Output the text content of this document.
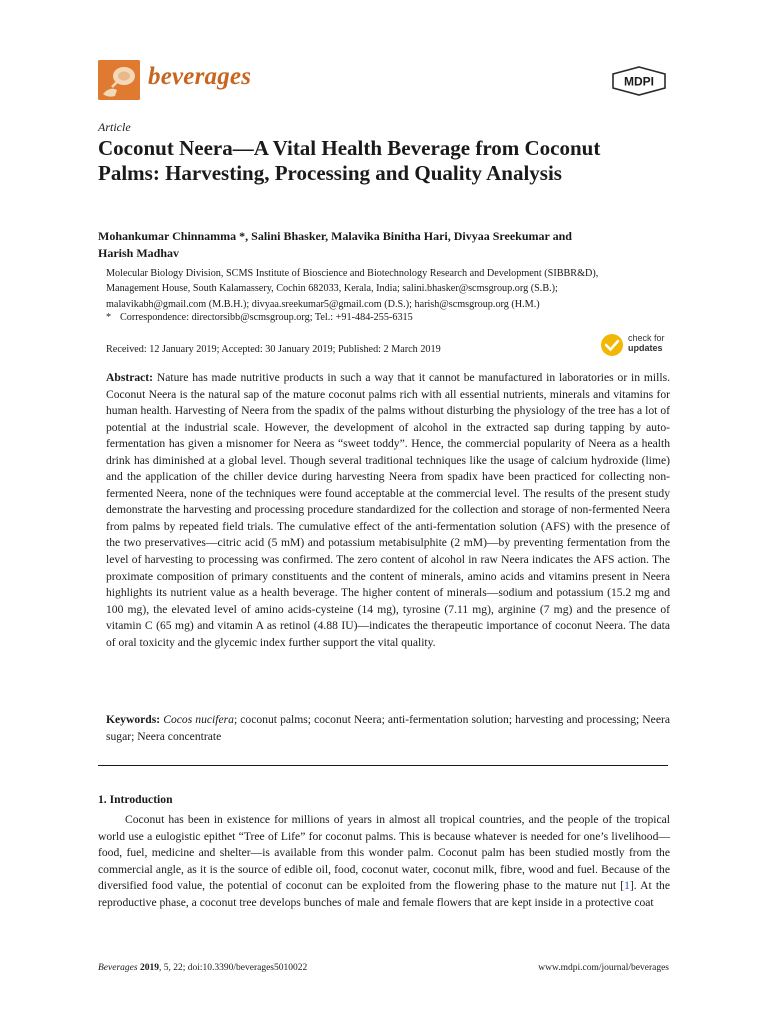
beverages	MDPI
Article
Coconut Neera—A Vital Health Beverage from Coconut Palms: Harvesting, Processing and Quality Analysis
Mohankumar Chinnamma *, Salini Bhasker, Malavika Binitha Hari, Divyaa Sreekumar and
Harish Madhav

Molecular Biology Division, SCMS Institute of Bioscience and Biotechnology Research and Development (SIBBR&D),

Management House, South Kalamassery, Cochin 682033, Kerala, India; salini.bhasker@scmsgroup.org (S.B.);

malavikabh@gmail.com (M.B.H.); divyaa.sreekumar5@gmail.com (D.S.); harish@scmsgroup.org (H.M.)

* Correspondence: directorsibb@scmsgroup.org; Tel.: +91-484-255-6315
Received: 12 January 2019; Accepted: 30 January 2019; Published: 2 March 2019
check for
updates

Abstract: Nature has made nutritive products in such a way that it cannot be manufactured in laboratories or in mills. Coconut Neera is the natural sap of the mature coconut palms rich with all essential nutrients, minerals and vitamins for human health. Harvesting of Neera from the spadix of the palms without disturbing the physiology of the tree has a lot of potential at the industrial scale. However, the development of alcohol in the extracted sap during tapping by auto-fermentation has given a misnomer for Neera as “sweet toddy”. Hence, the commercial popularity of Neera as a health drink has diminished at a global level. Though several traditional techniques like the usage of calcium hydroxide (lime) and the application of the chiller device during harvesting Neera from spadix have been practiced for collecting non-fermented Neera, none of the techniques were found acceptable at the commercial level. The results of the present study demonstrate the harvesting and processing procedure standardized for the collection and storage of non-fermented Neera from palms by repeated field trials. The cumulative effect of the anti-fermentation solution (AFS) with the presence of the two preservatives—citric acid (5 mM) and potassium metabisulphite (2 mM)—by preventing fermentation from the level of harvesting to processing was confirmed. The zero content of alcohol in raw Neera indicates the AFS action. The proximate composition of primary constituents and the content of minerals, amino acids and vitamins present in Neera highlights its nutrient value as a health beverage. The higher content of minerals—sodium and potassium (15.2 mg and 100 mg), the elevated level of amino acids-cysteine (14 mg), tyrosine (7.11 mg), arginine (7 mg) and the presence of vitamin C (65 mg) and vitamin A as retinol (4.88 IU)—indicates the therapeutic importance of coconut Neera. The data of oral toxicity and the glycemic index further support the vital quality.

Keywords: Cocos nucifera; coconut palms; coconut Neera; anti-fermentation solution; harvesting and processing; Neera sugar; Neera concentrate
1. Introduction

Coconut has been in existence for millions of years in almost all tropical countries, and the people of the tropical world use a eulogistic epithet “Tree of Life” for coconut palms. This is because whatever is needed for one’s livelihood—food, fuel, medicine and shelter—is available from this wonder palm. Coconut palm has been studied mostly from the commercial angle, as it is the source of edible oil, food, coconut water, coconut milk, fibre, wood and fuel. Because of the diversified food value, the potential of coconut can be exploited from the flowering phase to the mature nut [1]. At the reproductive phase, a coconut tree develops bunches of male and female flowers that are kept inside in a protective coat

Beverages 2019, 5, 22; doi:10.3390/beverages5010022	www.mdpi.com/journal/beverages
